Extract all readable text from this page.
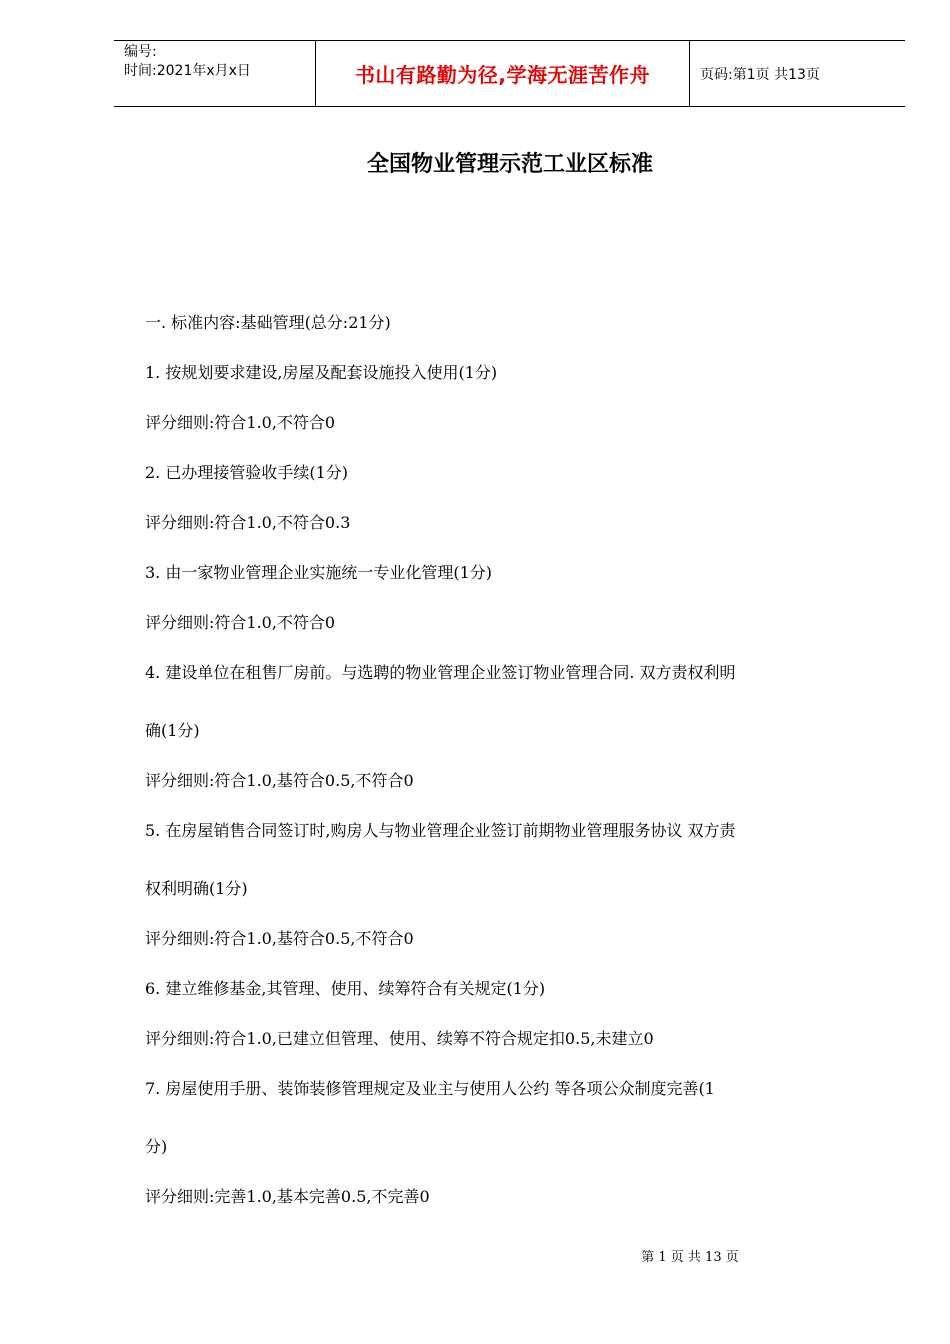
编号:
时间:2021年x月x日	书山有路勤为径,学海无涯苦作舟	页码:第1页 共13页
全国物业管理示范工业区标准

一. 标准内容:基础管理(总分:21分)

1. 按规划要求建设,房屋及配套设施投入使用(1分)

评分细则:符合1.0,不符合0

2. 已办理接管验收手续(1分)

评分细则:符合1.0,不符合0.3

3. 由一家物业管理企业实施统一专业化管理(1分)

评分细则:符合1.0,不符合0

4. 建设单位在租售厂房前。与选聘的物业管理企业签订物业管理合同. 双方责权利明
确(1分)

评分细则:符合1.0,基符合0.5,不符合0

5. 在房屋销售合同签订时,购房人与物业管理企业签订前期物业管理服务协议 双方责
权利明确(1分)

评分细则:符合1.0,基符合0.5,不符合0

6. 建立维修基金,其管理、使用、续筹符合有关规定(1分)

评分细则:符合1.0,已建立但管理、使用、续筹不符合规定扣0.5,未建立0

7. 房屋使用手册、装饰装修管理规定及业主与使用人公约 等各项公众制度完善(1
分)

评分细则:完善1.0,基本完善0.5,不完善0

第 1 页 共 13 页
